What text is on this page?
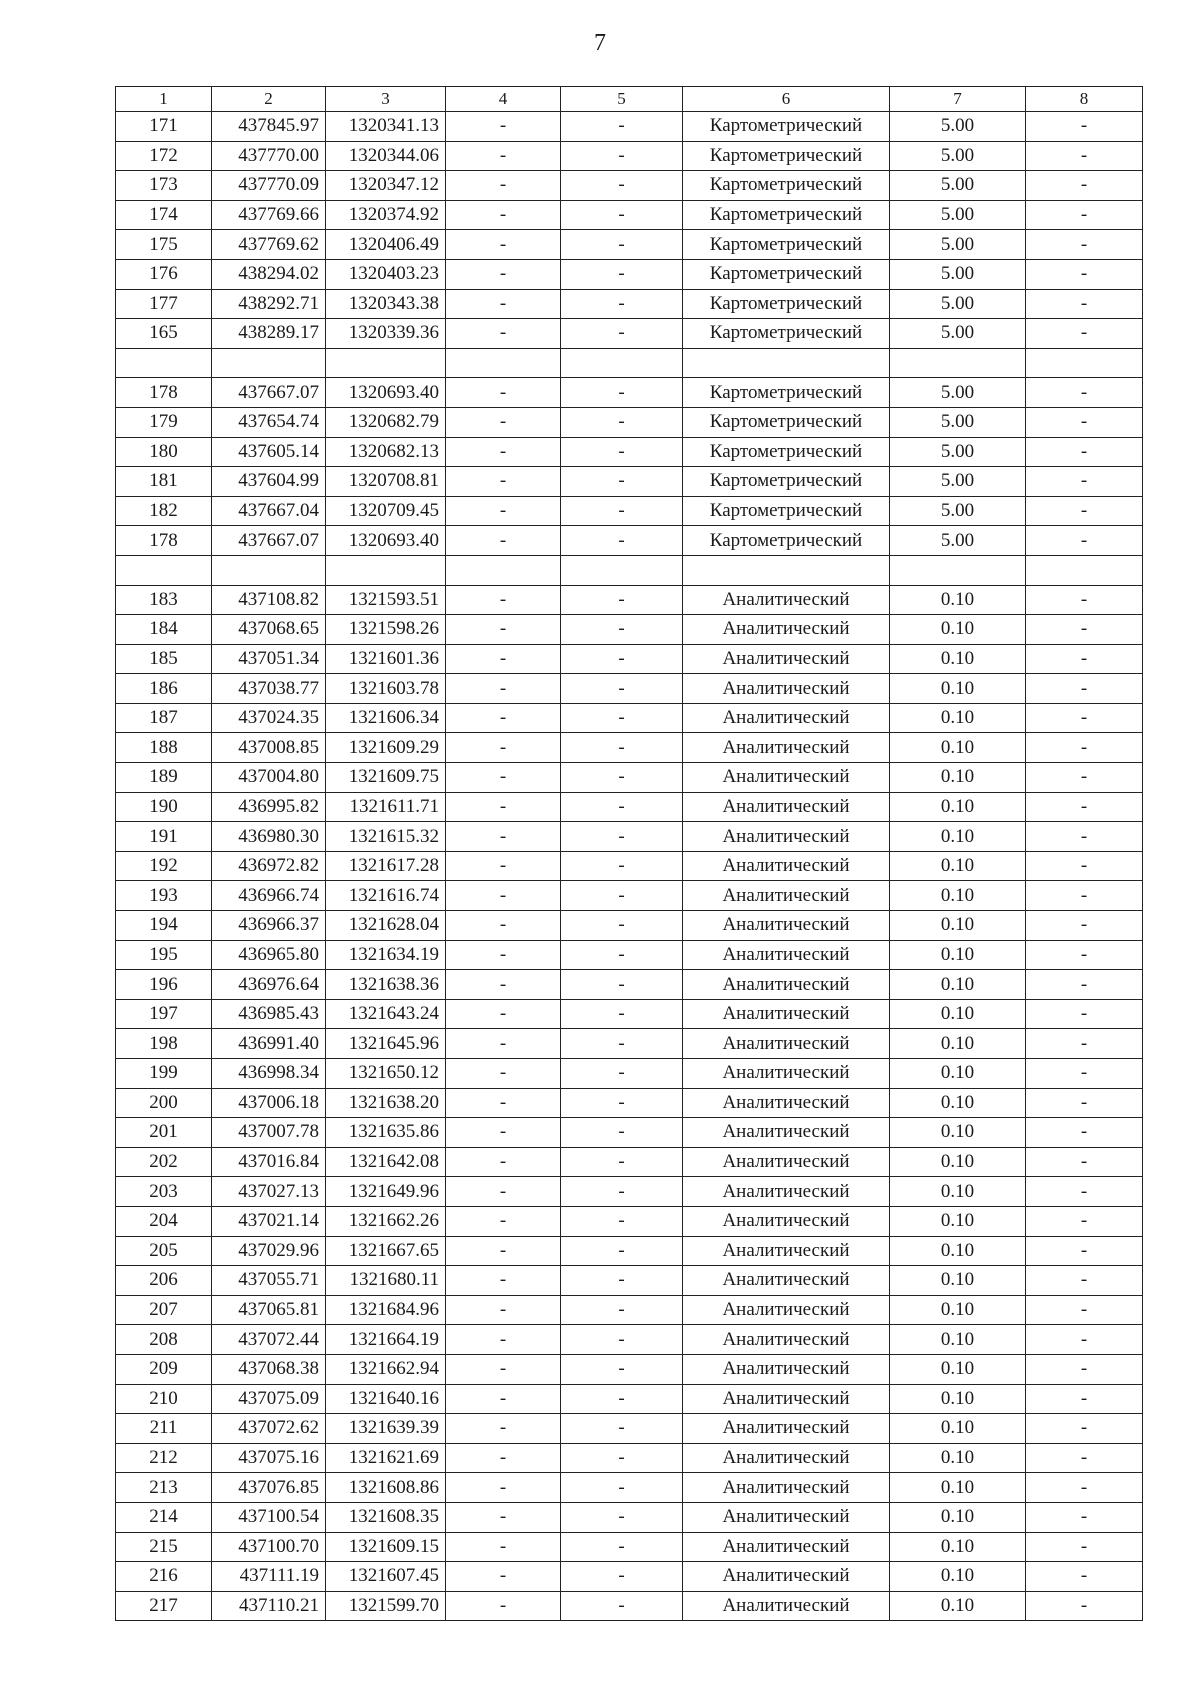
7
1	2	3	4	5	6	7	8
171	437845.97	1320341.13	-	-	Картометрический	5.00	-
172	437770.00	1320344.06	-	-	Картометрический	5.00	-
173	437770.09	1320347.12	-	-	Картометрический	5.00	-
174	437769.66	1320374.92	-	-	Картометрический	5.00	-
175	437769.62	1320406.49	-	-	Картометрический	5.00	-
176	438294.02	1320403.23	-	-	Картометрический	5.00	-
177	438292.71	1320343.38	-	-	Картометрический	5.00	-
165	438289.17	1320339.36	-	-	Картометрический	5.00	-

178	437667.07	1320693.40	-	-	Картометрический	5.00	-
179	437654.74	1320682.79	-	-	Картометрический	5.00	-
180	437605.14	1320682.13	-	-	Картометрический	5.00	-
181	437604.99	1320708.81	-	-	Картометрический	5.00	-
182	437667.04	1320709.45	-	-	Картометрический	5.00	-
178	437667.07	1320693.40	-	-	Картометрический	5.00	-

183	437108.82	1321593.51	-	-	Аналитический	0.10	-
184	437068.65	1321598.26	-	-	Аналитический	0.10	-
185	437051.34	1321601.36	-	-	Аналитический	0.10	-
186	437038.77	1321603.78	-	-	Аналитический	0.10	-
187	437024.35	1321606.34	-	-	Аналитический	0.10	-
188	437008.85	1321609.29	-	-	Аналитический	0.10	-
189	437004.80	1321609.75	-	-	Аналитический	0.10	-
190	436995.82	1321611.71	-	-	Аналитический	0.10	-
191	436980.30	1321615.32	-	-	Аналитический	0.10	-
192	436972.82	1321617.28	-	-	Аналитический	0.10	-
193	436966.74	1321616.74	-	-	Аналитический	0.10	-
194	436966.37	1321628.04	-	-	Аналитический	0.10	-
195	436965.80	1321634.19	-	-	Аналитический	0.10	-
196	436976.64	1321638.36	-	-	Аналитический	0.10	-
197	436985.43	1321643.24	-	-	Аналитический	0.10	-
198	436991.40	1321645.96	-	-	Аналитический	0.10	-
199	436998.34	1321650.12	-	-	Аналитический	0.10	-
200	437006.18	1321638.20	-	-	Аналитический	0.10	-
201	437007.78	1321635.86	-	-	Аналитический	0.10	-
202	437016.84	1321642.08	-	-	Аналитический	0.10	-
203	437027.13	1321649.96	-	-	Аналитический	0.10	-
204	437021.14	1321662.26	-	-	Аналитический	0.10	-
205	437029.96	1321667.65	-	-	Аналитический	0.10	-
206	437055.71	1321680.11	-	-	Аналитический	0.10	-
207	437065.81	1321684.96	-	-	Аналитический	0.10	-
208	437072.44	1321664.19	-	-	Аналитический	0.10	-
209	437068.38	1321662.94	-	-	Аналитический	0.10	-
210	437075.09	1321640.16	-	-	Аналитический	0.10	-
211	437072.62	1321639.39	-	-	Аналитический	0.10	-
212	437075.16	1321621.69	-	-	Аналитический	0.10	-
213	437076.85	1321608.86	-	-	Аналитический	0.10	-
214	437100.54	1321608.35	-	-	Аналитический	0.10	-
215	437100.70	1321609.15	-	-	Аналитический	0.10	-
216	437111.19	1321607.45	-	-	Аналитический	0.10	-
217	437110.21	1321599.70	-	-	Аналитический	0.10	-
